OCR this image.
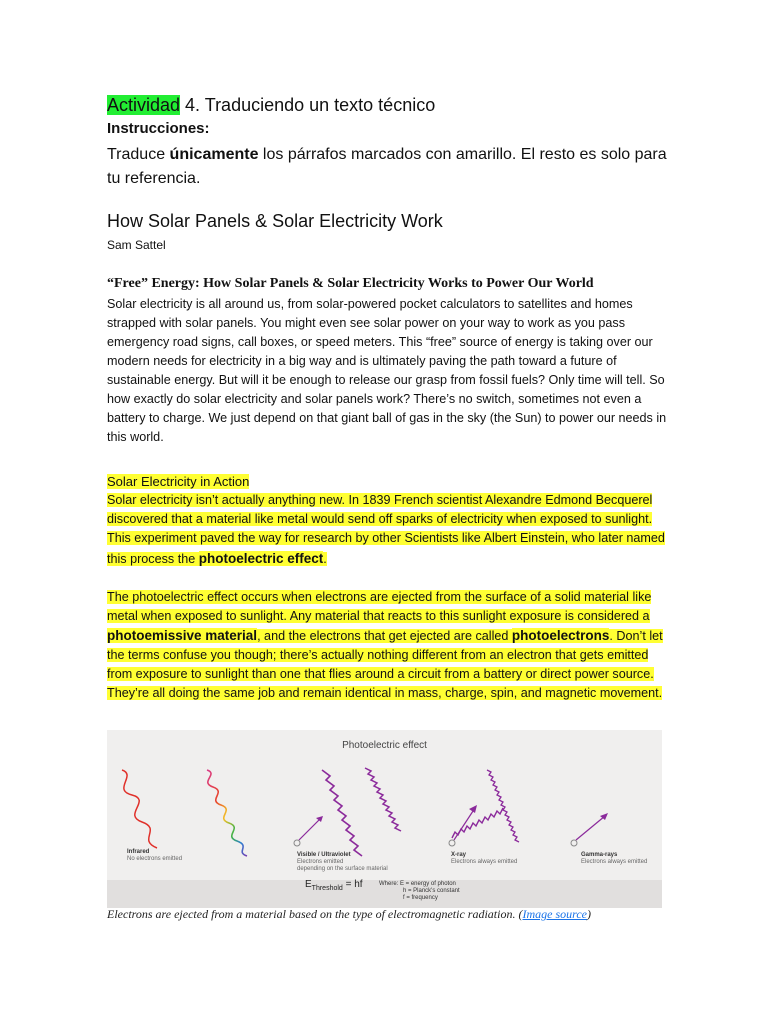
Actividad 4. Traduciendo un texto técnico
Instrucciones:
Traduce únicamente los párrafos marcados con amarillo. El resto es solo para tu referencia.
How Solar Panels & Solar Electricity Work
Sam Sattel
“Free” Energy: How Solar Panels & Solar Electricity Works to Power Our World

Solar electricity is all around us, from solar-powered pocket calculators to satellites and homes strapped with solar panels. You might even see solar power on your way to work as you pass emergency road signs, call boxes, or speed meters. This “free” source of energy is taking over our modern needs for electricity in a big way and is ultimately paving the path toward a future of sustainable energy. But will it be enough to release our grasp from fossil fuels? Only time will tell. So how exactly do solar electricity and solar panels work? There’s no switch, sometimes not even a battery to charge. We just depend on that giant ball of gas in the sky (the Sun) to power our needs in this world.

Solar Electricity in Action

Solar electricity isn’t actually anything new. In 1839 French scientist Alexandre Edmond Becquerel discovered that a material like metal would send off sparks of electricity when exposed to sunlight. This experiment paved the way for research by other Scientists like Albert Einstein, who later named this process the photoelectric effect.

The photoelectric effect occurs when electrons are ejected from the surface of a solid material like metal when exposed to sunlight. Any material that reacts to this sunlight exposure is considered a photoemissive material, and the electrons that get ejected are called photoelectrons. Don’t let the terms confuse you though; there’s actually nothing different from an electron that gets emitted from exposure to sunlight than one that flies around a circuit from a battery or direct power source. They’re all doing the same job and remain identical in mass, charge, spin, and magnetic movement.

Photoelectric effect
Infrared
No electrons emitted
Visible / Ultraviolet
Electrons emitted
depending on the surface material
X-ray
Electrons always emitted
Gamma-rays
Electrons always emitted
$E_{Threshold}$ = hf	Where: E = energy of photon
h = Planck's constant
f = frequency
Electrons are ejected from a material based on the type of electromagnetic radiation. (Image source)
